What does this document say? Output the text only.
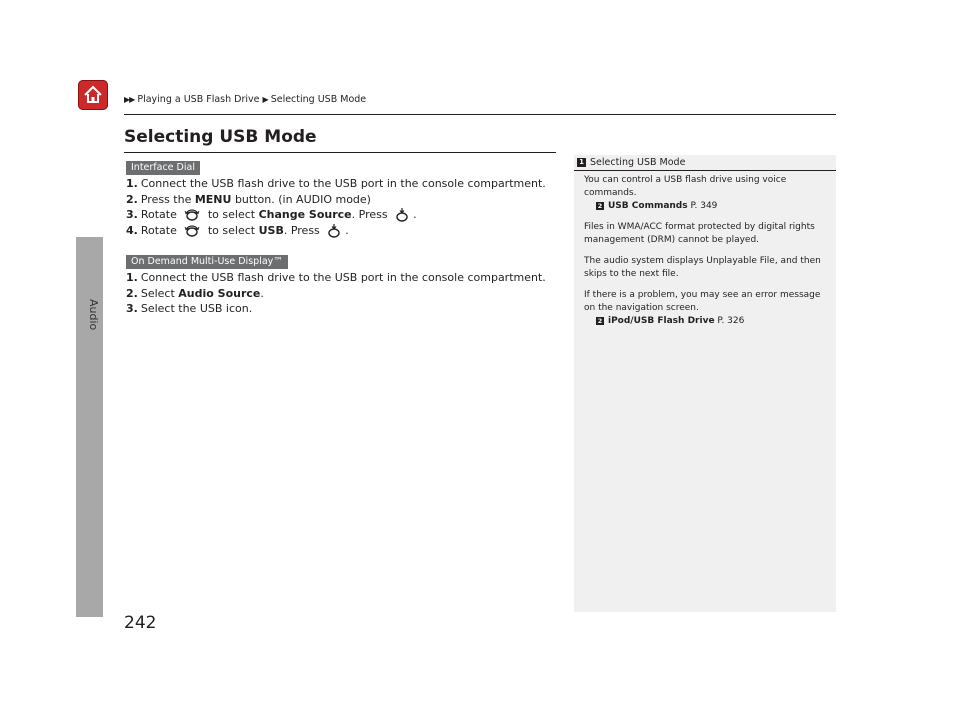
▶▶ Playing a USB Flash Drive ▶ Selecting USB Mode
Audio
Selecting USB Mode
Interface Dial
1. Connect the USB flash drive to the USB port in the console compartment.
2. Press the MENU button. (in AUDIO mode)
3. Rotate	to select Change Source. Press .
4. Rotate	to select USB. Press .
On Demand Multi-Use Display™
1. Connect the USB flash drive to the USB port in the console compartment.
2. Select Audio Source.
3. Select the USB icon.
1 Selecting USB Mode

You can control a USB flash drive using voice commands.
2 USB Commands P. 349

Files in WMA/ACC format protected by digital rights management (DRM) cannot be played.

The audio system displays Unplayable File, and then skips to the next file.

If there is a problem, you may see an error message on the navigation screen.
2 iPod/USB Flash Drive P. 326

242
